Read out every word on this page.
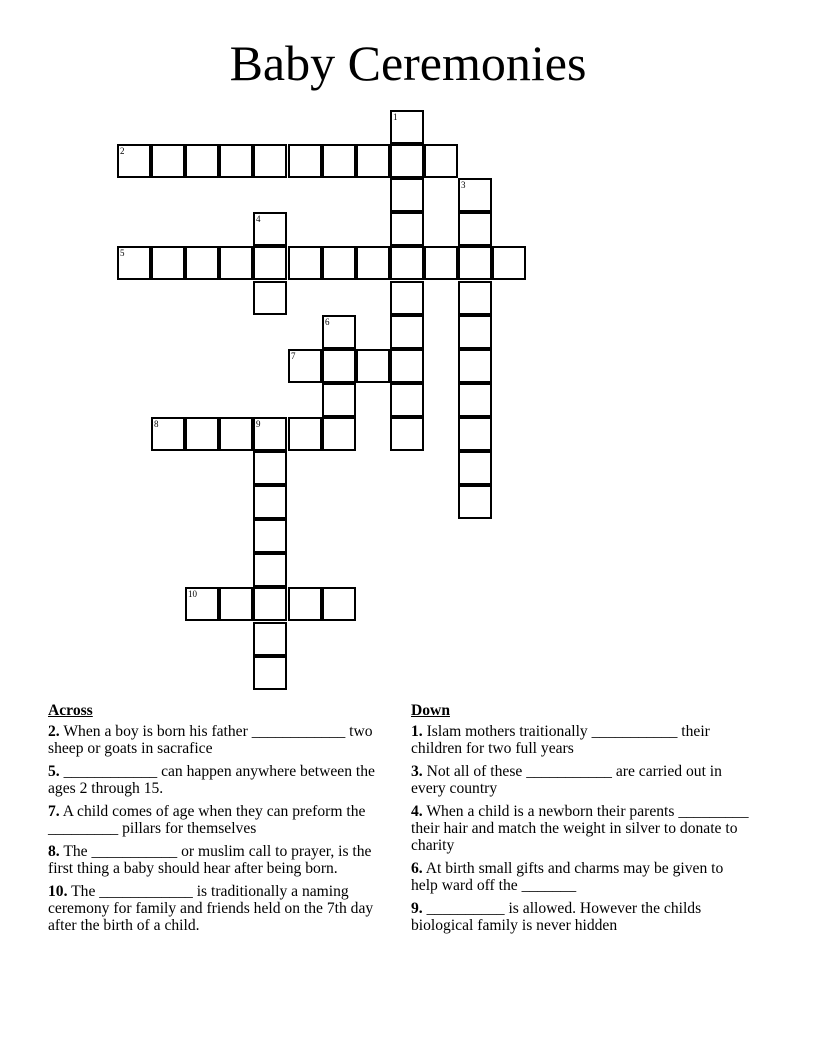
Baby Ceremonies
1
2
3
4
5
6
7
8	9
10
Across
2. When a boy is born his father ____________ two sheep or goats in sacrafice
5. ____________ can happen anywhere between the ages 2 through 15.
7. A child comes of age when they can preform the _________ pillars for themselves
8. The ___________ or muslim call to prayer, is the first thing a baby should hear after being born.
10. The ____________ is traditionally a naming ceremony for family and friends held on the 7th day after the birth of a child.
Down
1. Islam mothers traitionally ___________ their children for two full years
3. Not all of these ___________ are carried out in every country
4. When a child is a newborn their parents _________ their hair and match the weight in silver to donate to charity
6. At birth small gifts and charms may be given to help ward off the _______
9. __________ is allowed. However the childs biological family is never hidden
